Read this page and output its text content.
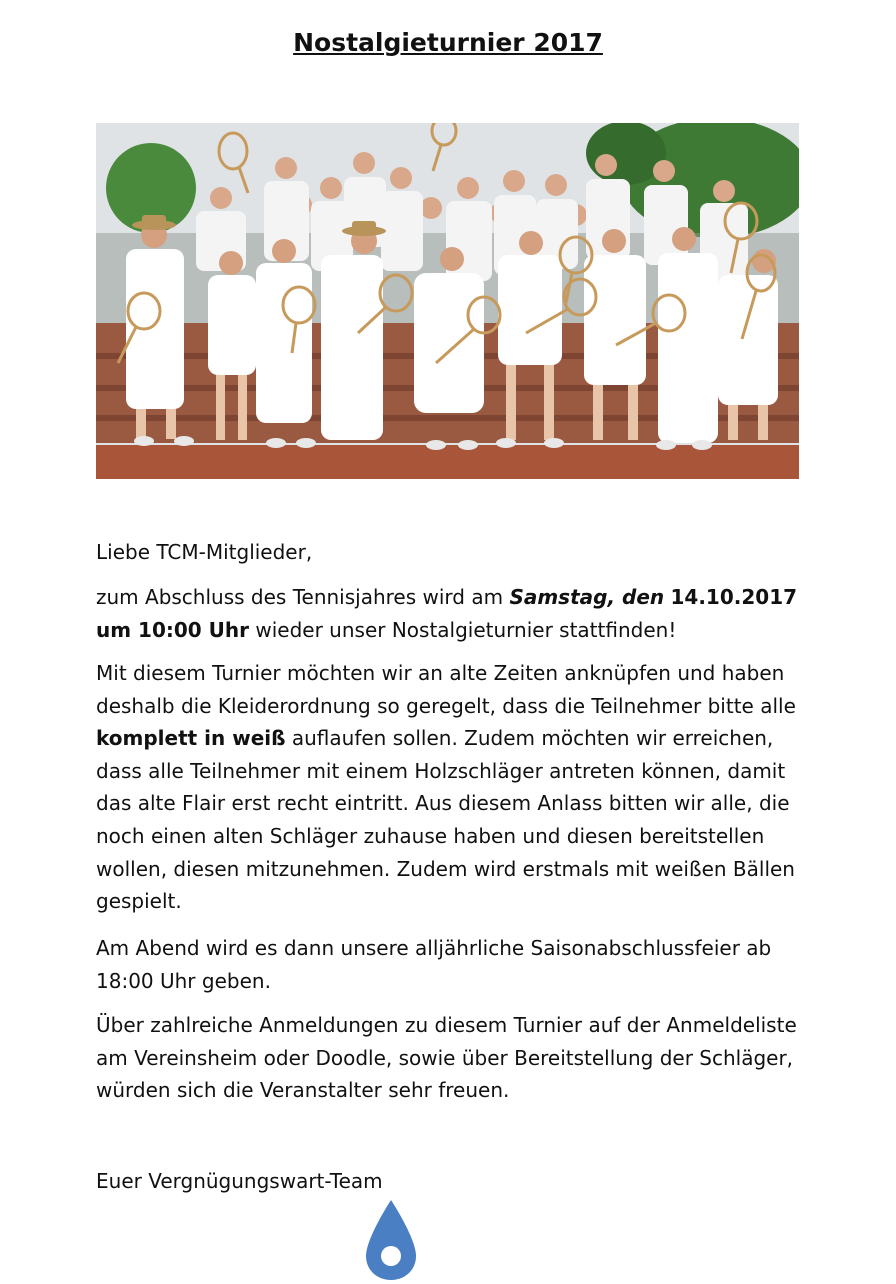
Nostalgieturnier 2017
Liebe TCM-Mitglieder,
zum Abschluss des Tennisjahres wird am Samstag, den 14.10.2017
um 10:00 Uhr wieder unser Nostalgieturnier stattfinden!
Mit diesem Turnier möchten wir an alte Zeiten anknüpfen und haben deshalb die Kleiderordnung so geregelt, dass die Teilnehmer bitte alle komplett in weiß auflaufen sollen. Zudem möchten wir erreichen, dass alle Teilnehmer mit einem Holzschläger antreten können, damit das alte Flair erst recht eintritt. Aus diesem Anlass bitten wir alle, die noch einen alten Schläger zuhause haben und diesen bereitstellen wollen, diesen mitzunehmen. Zudem wird erstmals mit weißen Bällen gespielt.
Am Abend wird es dann unsere alljährliche Saisonabschlussfeier ab 18:00 Uhr geben.
Über zahlreiche Anmeldungen zu diesem Turnier auf der Anmeldeliste am Vereinsheim oder Doodle, sowie über Bereitstellung der Schläger, würden sich die Veranstalter sehr freuen.
Euer Vergnügungswart-Team
